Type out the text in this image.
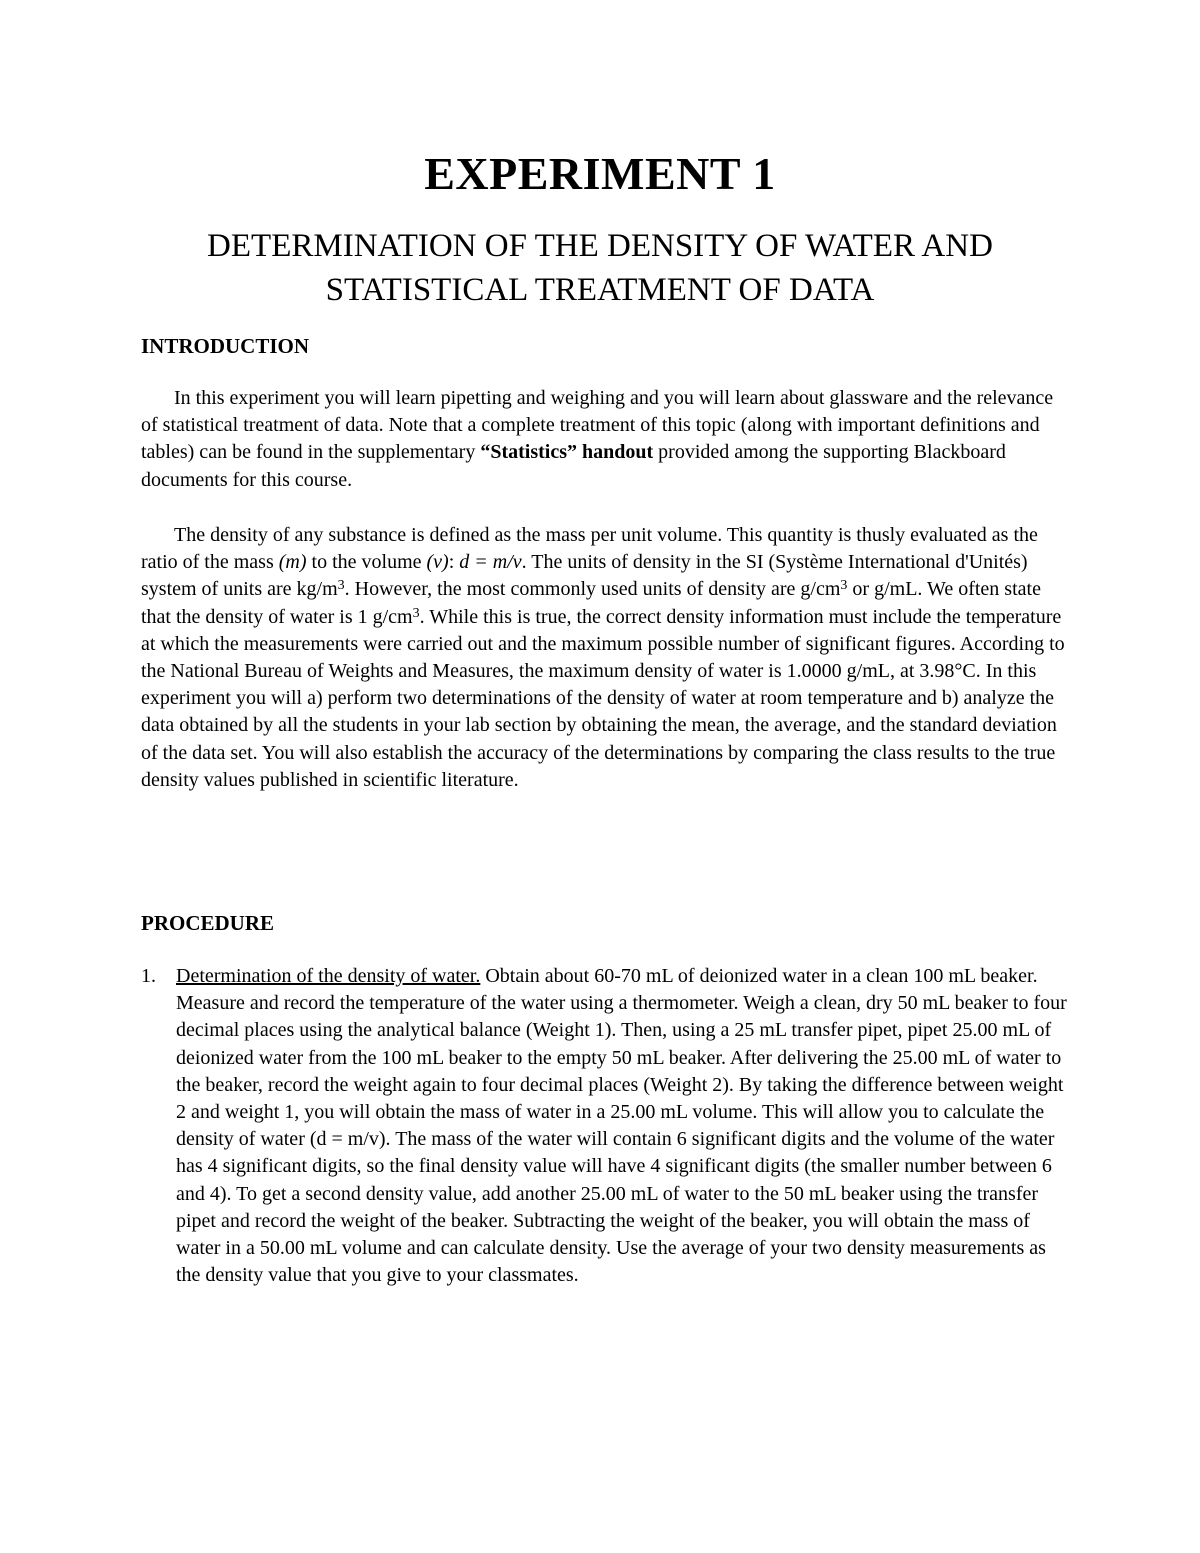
EXPERIMENT 1
DETERMINATION OF THE DENSITY OF WATER AND
STATISTICAL TREATMENT OF DATA
INTRODUCTION

In this experiment you will learn pipetting and weighing and you will learn about glassware and the relevance of statistical treatment of data. Note that a complete treatment of this topic (along with important definitions and tables) can be found in the supplementary “Statistics” handout provided among the supporting Blackboard documents for this course.

The density of any substance is defined as the mass per unit volume. This quantity is thusly evaluated as the ratio of the mass (m) to the volume (v): d = m/v. The units of density in the SI (Système International d'Unités) system of units are $kg/m^3$. However, the most commonly used units of density are $g/cm^3$ or g/mL. We often state that the density of water is 1 $g/cm^3$. While this is true, the correct density information must include the temperature at which the measurements were carried out and the maximum possible number of significant figures. According to the National Bureau of Weights and Measures, the maximum density of water is 1.0000 g/mL, at 3.98°C. In this experiment you will a) perform two determinations of the density of water at room temperature and b) analyze the data obtained by all the students in your lab section by obtaining the mean, the average, and the standard deviation of the data set. You will also establish the accuracy of the determinations by comparing the class results to the true density values published in scientific literature.

PROCEDURE
1. Determination of the density of water. Obtain about 60-70 mL of deionized water in a clean 100 mL beaker. Measure and record the temperature of the water using a thermometer. Weigh a clean, dry 50 mL beaker to four decimal places using the analytical balance (Weight 1). Then, using a 25 mL transfer pipet, pipet 25.00 mL of deionized water from the 100 mL beaker to the empty 50 mL beaker. After delivering the 25.00 mL of water to the beaker, record the weight again to four decimal places (Weight 2). By taking the difference between weight 2 and weight 1, you will obtain the mass of water in a 25.00 mL volume. This will allow you to calculate the density of water (d = m/v). The mass of the water will contain 6 significant digits and the volume of the water has 4 significant digits, so the final density value will have 4 significant digits (the smaller number between 6 and 4). To get a second density value, add another 25.00 mL of water to the 50 mL beaker using the transfer pipet and record the weight of the beaker. Subtracting the weight of the beaker, you will obtain the mass of water in a 50.00 mL volume and can calculate density. Use the average of your two density measurements as the density value that you give to your classmates.
